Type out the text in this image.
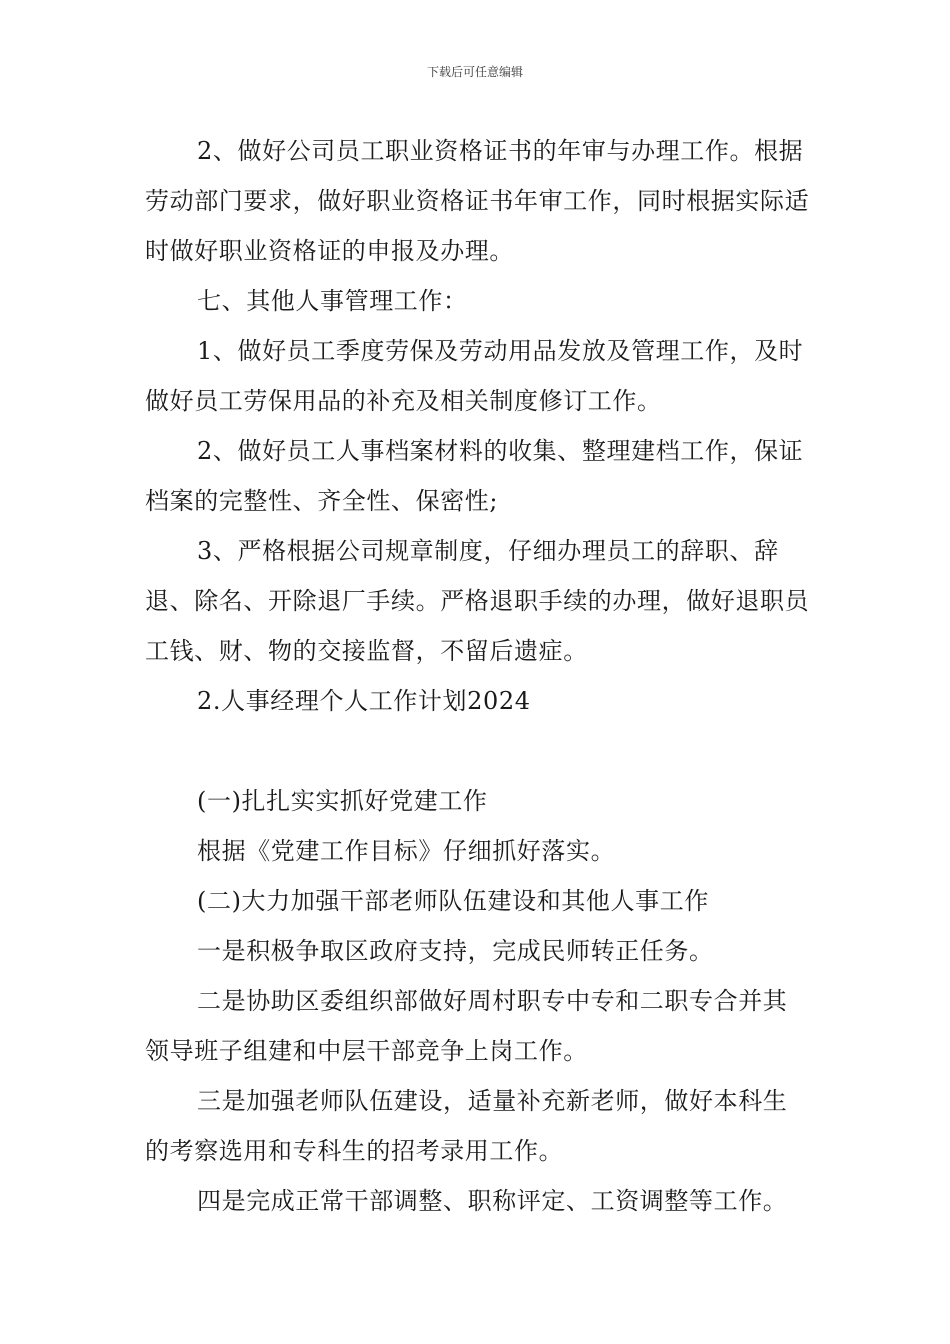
下载后可任意编辑

2、做好公司员工职业资格证书的年审与办理工作。根据劳动部门要求，做好职业资格证书年审工作，同时根据实际适时做好职业资格证的申报及办理。

七、其他人事管理工作：

1、做好员工季度劳保及劳动用品发放及管理工作，及时做好员工劳保用品的补充及相关制度修订工作。

2、做好员工人事档案材料的收集、整理建档工作，保证档案的完整性、齐全性、保密性;

3、严格根据公司规章制度，仔细办理员工的辞职、辞退、除名、开除退厂手续。严格退职手续的办理，做好退职员工钱、财、物的交接监督，不留后遗症。

2.人事经理个人工作计划2024

(一)扎扎实实抓好党建工作

根据《党建工作目标》仔细抓好落实。

(二)大力加强干部老师队伍建设和其他人事工作

一是积极争取区政府支持，完成民师转正任务。

二是协助区委组织部做好周村职专中专和二职专合并其领导班子组建和中层干部竞争上岗工作。

三是加强老师队伍建设，适量补充新老师，做好本科生的考察选用和专科生的招考录用工作。

四是完成正常干部调整、职称评定、工资调整等工作。
